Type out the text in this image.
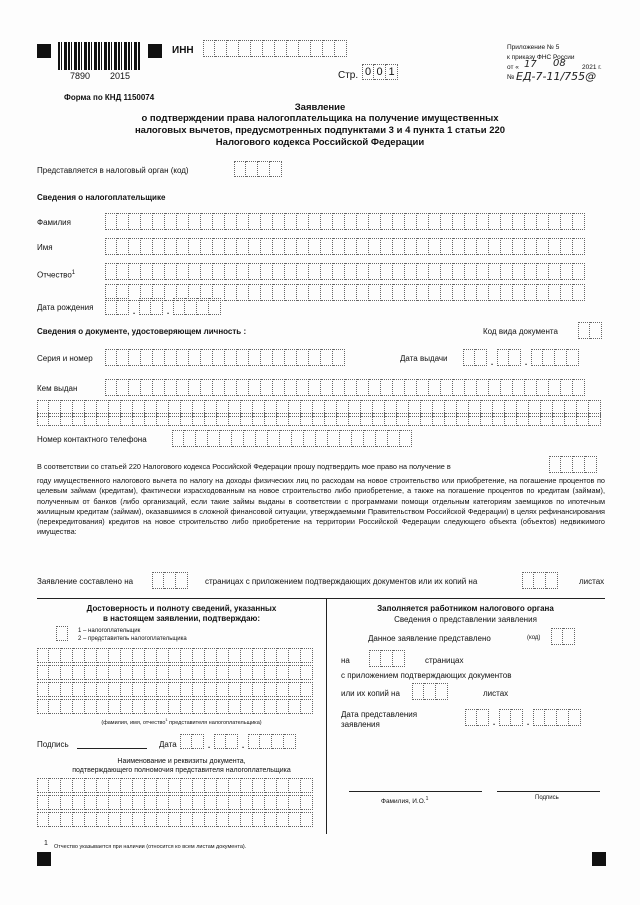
7890 2015
ИНН
Стр. 0 0 1
Приложение № 5
к приказу ФНС России
от « 17 08	2021 г.
№ ЕД-7-11/755@
Форма по КНД 1150074
Заявление
о подтверждении права налогоплательщика на получение имущественных
налоговых вычетов, предусмотренных подпунктами 3 и 4 пункта 1 статьи 220
Налогового кодекса Российской Федерации
Представляется в налоговый орган (код)
Сведения о налогоплательщике
Фамилия
Имя
Отчество$^1$
Дата рождения	.	.
Сведения о документе, удостоверяющем личность :	Код вида документа
Серия и номер	Дата выдачи	.	.
Кем выдан
Номер контактного телефона
В соответствии со статьей 220 Налогового кодекса Российской Федерации прошу подтвердить мое право на получение в
году имущественного налогового вычета по налогу на доходы физических лиц по расходам на новое строительство или приобретение, на погашение процентов по целевым займам (кредитам), фактически израсходованным на новое строительство либо приобретение, а также на погашение процентов по кредитам (займам), полученным от банков (либо организаций, если такие займы выданы в соответствии с программами помощи отдельным категориям заемщиков по ипотечным жилищным кредитам (займам), оказавшимся в сложной финансовой ситуации, утверждаемыми Правительством Российской Федерации) в целях рефинансирования (перекредитования) кредитов на новое строительство либо приобретение на территории Российской Федерации следующего объекта (объектов) недвижимого имущества:
Заявление составлено на	страницах с приложением подтверждающих документов или их копий на	листах
Достоверность и полноту сведений, указанных
в настоящем заявлении, подтверждаю:
1 – налогоплательщик
2 – представитель налогоплательщика
(фамилия, имя, отчество$^1$ представителя налогоплательщика)
Подпись	Дата	.	.
Наименование и реквизиты документа,
подтверждающего полномочия представителя налогоплательщика
Заполняется работником налогового органа
Сведения о представлении заявления
Данное заявление представлено	(код)
на	страницах
с приложением подтверждающих документов
или их копий на	листах
Дата представления
заявления	.	.
Фамилия, И.О.$^1$	Подпись
1 Отчество указывается при наличии (относится ко всем листам документа).
